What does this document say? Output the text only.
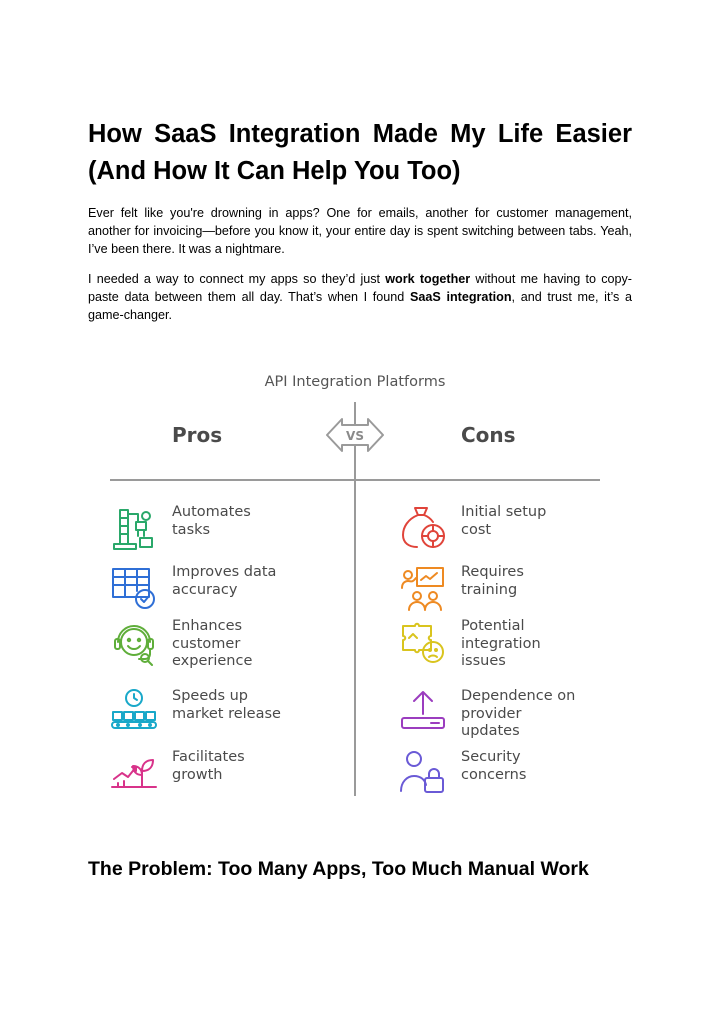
How SaaS Integration Made My Life Easier (And How It Can Help You Too)

Ever felt like you're drowning in apps? One for emails, another for customer management, another for invoicing—before you know it, your entire day is spent switching between tabs. Yeah, I’ve been there. It was a nightmare.

I needed a way to connect my apps so they’d just work together without me having to copy-paste data between them all day. That’s when I found SaaS integration, and trust me, it’s a game-changer.

API Integration Platforms
Pros	Cons
VS
Automates
tasks
Improves data
accuracy
Enhances
customer
experience
Speeds up
market release
Facilitates
growth
Initial setup
cost
Requires
training
Potential
integration
issues
Dependence on
provider
updates
Security
concerns
The Problem: Too Many Apps, Too Much Manual Work
